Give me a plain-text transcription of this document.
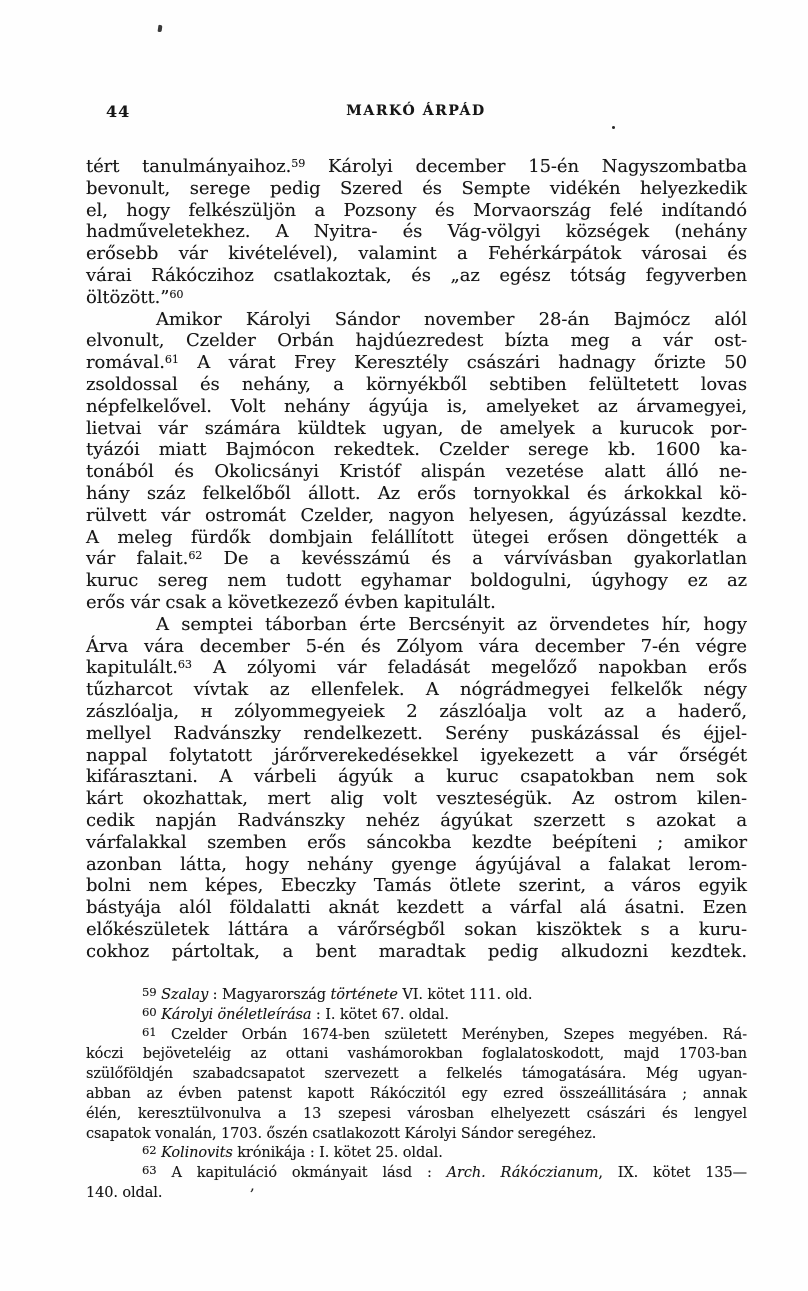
44	MARKÓ ÁRPÁD
tért tanulmányaihoz.$^{59}$ Károlyi december 15-én Nagyszombatba
bevonult, serege pedig Szered és Sempte vidékén helyezkedik
el, hogy felkészüljön a Pozsony és Morvaország felé indítandó
hadműveletekhez. A Nyitra- és Vág-völgyi községek (nehány
erősebb vár kivételével), valamint a Fehérkárpátok városai és
várai Rákóczihoz csatlakoztak, és „az egész tótság fegyverben
öltözött.”$^{60}$
Amikor Károlyi Sándor november 28-án Bajmócz alól
elvonult, Czelder Orbán hajdúezredest bízta meg a vár ost-
romával.$^{61}$ A várat Frey Keresztély császári hadnagy őrizte 50
zsoldossal és nehány, a környékből sebtiben felültetett lovas
népfelkelővel. Volt nehány ágyúja is, amelyeket az árvamegyei,
lietvai vár számára küldtek ugyan, de amelyek a kurucok por-
tyázói miatt Bajmócon rekedtek. Czelder serege kb. 1600 ka-
tonából és Okolicsányi Kristóf alispán vezetése alatt álló ne-
hány száz felkelőből állott. Az erős tornyokkal és árkokkal kö-
rülvett vár ostromát Czelder, nagyon helyesen, ágyúzással kezdte.
A meleg fürdők dombjain felállított ütegei erősen döngették a
vár falait.$^{62}$ De a kevésszámú és a várvívásban gyakorlatlan
kuruc sereg nem tudott egyhamar boldogulni, úgyhogy ez az
erős vár csak a következező évben kapitulált.
A semptei táborban érte Bercsényit az örvendetes hír, hogy
Árva vára december 5-én és Zólyom vára december 7-én végre
kapitulált.$^{63}$ A zólyomi vár feladását megelőző napokban erős
tűzharcot vívtak az ellenfelek. A nógrádmegyei felkelők négy
zászlóalja, н zólyommegyeiek 2 zászlóalja volt az a haderő,
mellyel Radvánszky rendelkezett. Serény puskázással és éjjel-
nappal folytatott járőrverekedésekkel igyekezett a vár őrségét
kifárasztani. A várbeli ágyúk a kuruc csapatokban nem sok
kárt okozhattak, mert alig volt veszteségük. Az ostrom kilen-
cedik napján Radvánszky nehéz ágyúkat szerzett s azokat a
várfalakkal szemben erős sáncokba kezdte beépíteni ; amikor
azonban látta, hogy nehány gyenge ágyújával a falakat lerom-
bolni nem képes, Ebeczky Tamás ötlete szerint, a város egyik
bástyája alól földalatti aknát kezdett a várfal alá ásatni. Ezen
előkészületek láttára a várőrségből sokan kiszöktek s a kuru-
cokhoz pártoltak, a bent maradtak pedig alkudozni kezdtek.
$^{59}$ Szalay : Magyarország története VI. kötet 111. old.
$^{60}$ Károlyi önéletleírása : I. kötet 67. oldal.
$^{61}$ Czelder Orbán 1674-ben született Merényben, Szepes megyében. Rá-
kóczi bejöveteléig az ottani vashámorokban foglalatoskodott, majd 1703-ban
szülőföldjén szabadcsapatot szervezett a felkelés támogatására. Még ugyan-
abban az évben patenst kapott Rákóczitól egy ezred összeállitására ; annak
élén, keresztülvonulva a 13 szepesi városban elhelyezett császári és lengyel
csapatok vonalán, 1703. őszén csatlakozott Károlyi Sándor seregéhez.
$^{62}$ Kolinovits krónikája : I. kötet 25. oldal.
$^{63}$ A kapituláció okmányait lásd : Arch. Rákóczianum, IX. kötet 135—
140. oldal.	,
